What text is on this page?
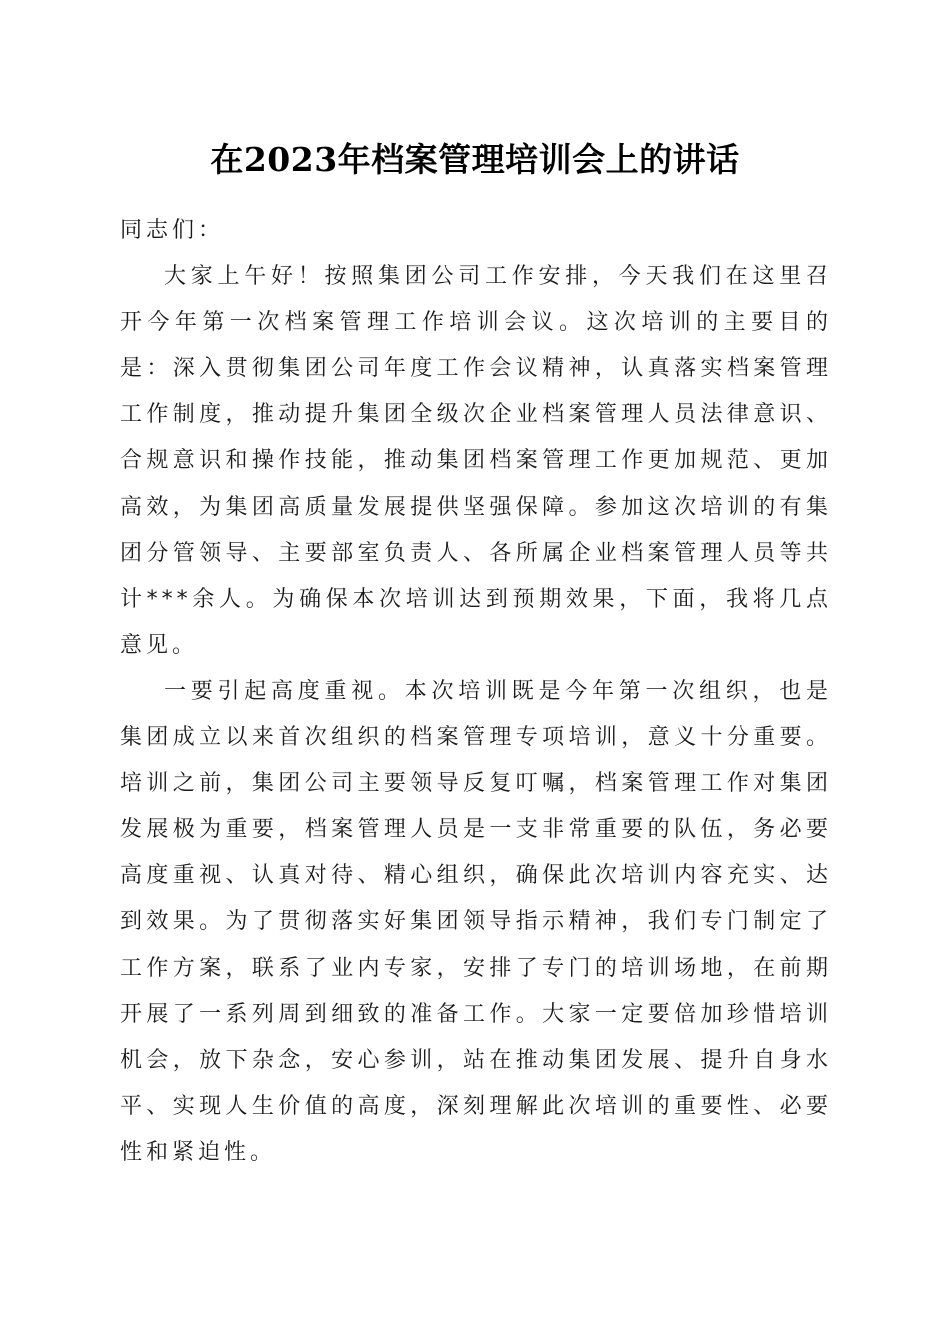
在2023年档案管理培训会上的讲话

同志们：

大家上午好！按照集团公司工作安排，今天我们在这里召开今年第一次档案管理工作培训会议。这次培训的主要目的是：深入贯彻集团公司年度工作会议精神，认真落实档案管理工作制度，推动提升集团全级次企业档案管理人员法律意识、合规意识和操作技能，推动集团档案管理工作更加规范、更加高效，为集团高质量发展提供坚强保障。参加这次培训的有集团分管领导、主要部室负责人、各所属企业档案管理人员等共计***余人。为确保本次培训达到预期效果，下面，我将几点意见。

一要引起高度重视。本次培训既是今年第一次组织，也是集团成立以来首次组织的档案管理专项培训，意义十分重要。培训之前，集团公司主要领导反复叮嘱，档案管理工作对集团发展极为重要，档案管理人员是一支非常重要的队伍，务必要高度重视、认真对待、精心组织，确保此次培训内容充实、达到效果。为了贯彻落实好集团领导指示精神，我们专门制定了工作方案，联系了业内专家，安排了专门的培训场地，在前期开展了一系列周到细致的准备工作。大家一定要倍加珍惜培训机会，放下杂念，安心参训，站在推动集团发展、提升自身水平、实现人生价值的高度，深刻理解此次培训的重要性、必要性和紧迫性。
